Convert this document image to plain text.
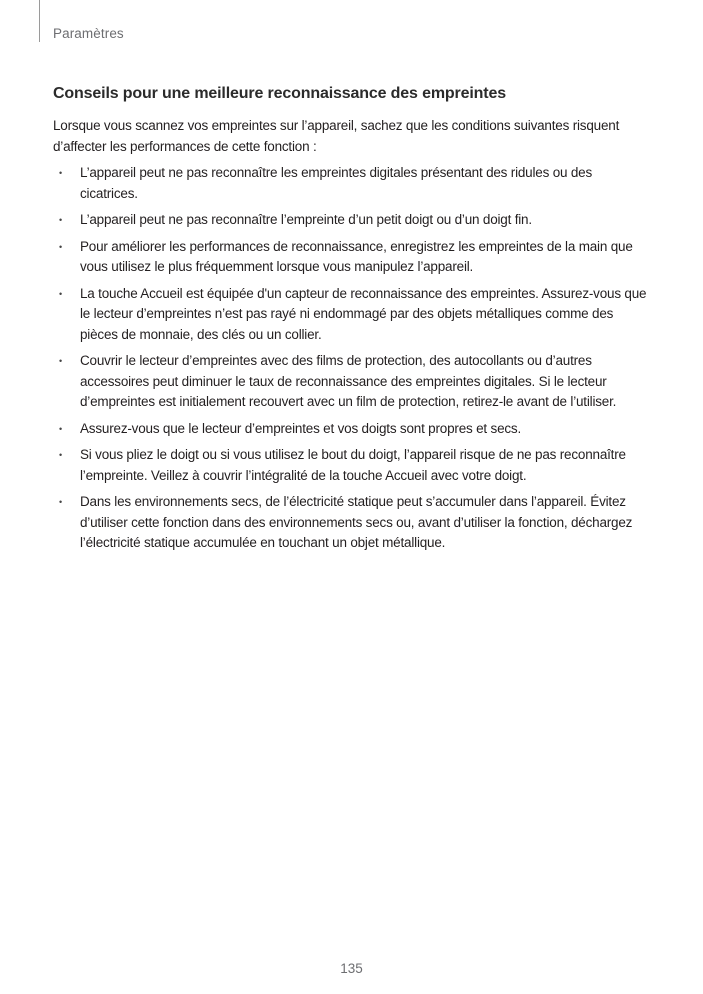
Paramètres
Conseils pour une meilleure reconnaissance des empreintes

Lorsque vous scannez vos empreintes sur l’appareil, sachez que les conditions suivantes risquent d’affecter les performances de cette fonction :

• L’appareil peut ne pas reconnaître les empreintes digitales présentant des ridules ou des cicatrices.
• L’appareil peut ne pas reconnaître l’empreinte d’un petit doigt ou d’un doigt fin.
• Pour améliorer les performances de reconnaissance, enregistrez les empreintes de la main que vous utilisez le plus fréquemment lorsque vous manipulez l’appareil.
• La touche Accueil est équipée d'un capteur de reconnaissance des empreintes. Assurez-vous que le lecteur d’empreintes n’est pas rayé ni endommagé par des objets métalliques comme des pièces de monnaie, des clés ou un collier.
• Couvrir le lecteur d’empreintes avec des films de protection, des autocollants ou d’autres accessoires peut diminuer le taux de reconnaissance des empreintes digitales. Si le lecteur d’empreintes est initialement recouvert avec un film de protection, retirez-le avant de l’utiliser.
• Assurez-vous que le lecteur d’empreintes et vos doigts sont propres et secs.
• Si vous pliez le doigt ou si vous utilisez le bout du doigt, l’appareil risque de ne pas reconnaître l’empreinte. Veillez à couvrir l’intégralité de la touche Accueil avec votre doigt.
• Dans les environnements secs, de l’électricité statique peut s’accumuler dans l’appareil. Évitez d’utiliser cette fonction dans des environnements secs ou, avant d’utiliser la fonction, déchargez l’électricité statique accumulée en touchant un objet métallique.
135
